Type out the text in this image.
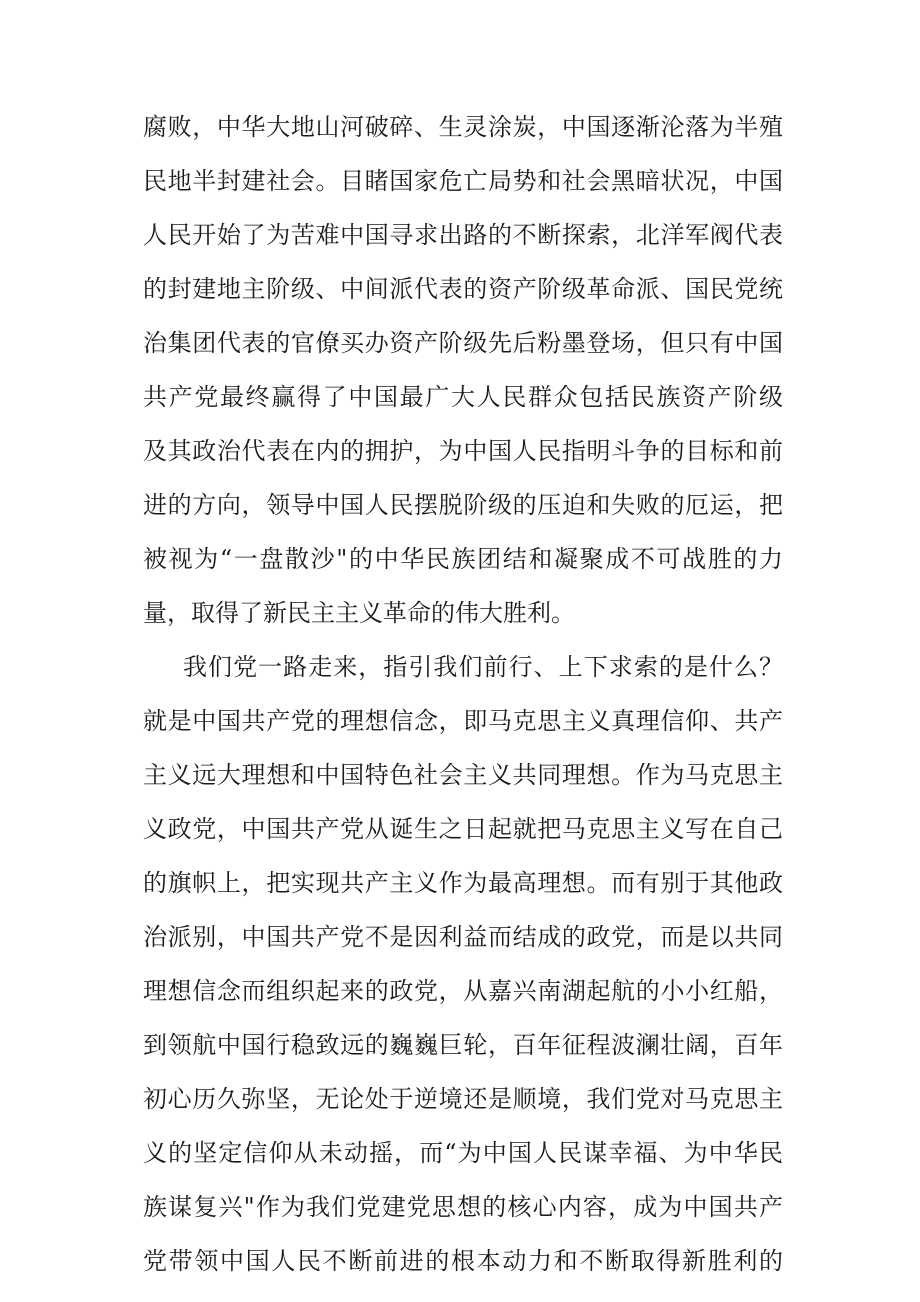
腐败，中华大地山河破碎、生灵涂炭，中国逐渐沦落为半殖
民地半封建社会。目睹国家危亡局势和社会黑暗状况，中国
人民开始了为苦难中国寻求出路的不断探索，北洋军阀代表
的封建地主阶级、中间派代表的资产阶级革命派、国民党统
治集团代表的官僚买办资产阶级先后粉墨登场，但只有中国
共产党最终赢得了中国最广大人民群众包括民族资产阶级
及其政治代表在内的拥护，为中国人民指明斗争的目标和前
进的方向，领导中国人民摆脱阶级的压迫和失败的厄运，把
被视为“一盘散沙"的中华民族团结和凝聚成不可战胜的力
量，取得了新民主主义革命的伟大胜利。
我们党一路走来，指引我们前行、上下求索的是什么？
就是中国共产党的理想信念，即马克思主义真理信仰、共产
主义远大理想和中国特色社会主义共同理想。作为马克思主
义政党，中国共产党从诞生之日起就把马克思主义写在自己
的旗帜上，把实现共产主义作为最高理想。而有别于其他政
治派别，中国共产党不是因利益而结成的政党，而是以共同
理想信念而组织起来的政党，从嘉兴南湖起航的小小红船，
到领航中国行稳致远的巍巍巨轮，百年征程波澜壮阔，百年
初心历久弥坚，无论处于逆境还是顺境，我们党对马克思主
义的坚定信仰从未动摇，而“为中国人民谋幸福、为中华民
族谋复兴"作为我们党建党思想的核心内容，成为中国共产
党带领中国人民不断前进的根本动力和不断取得新胜利的
